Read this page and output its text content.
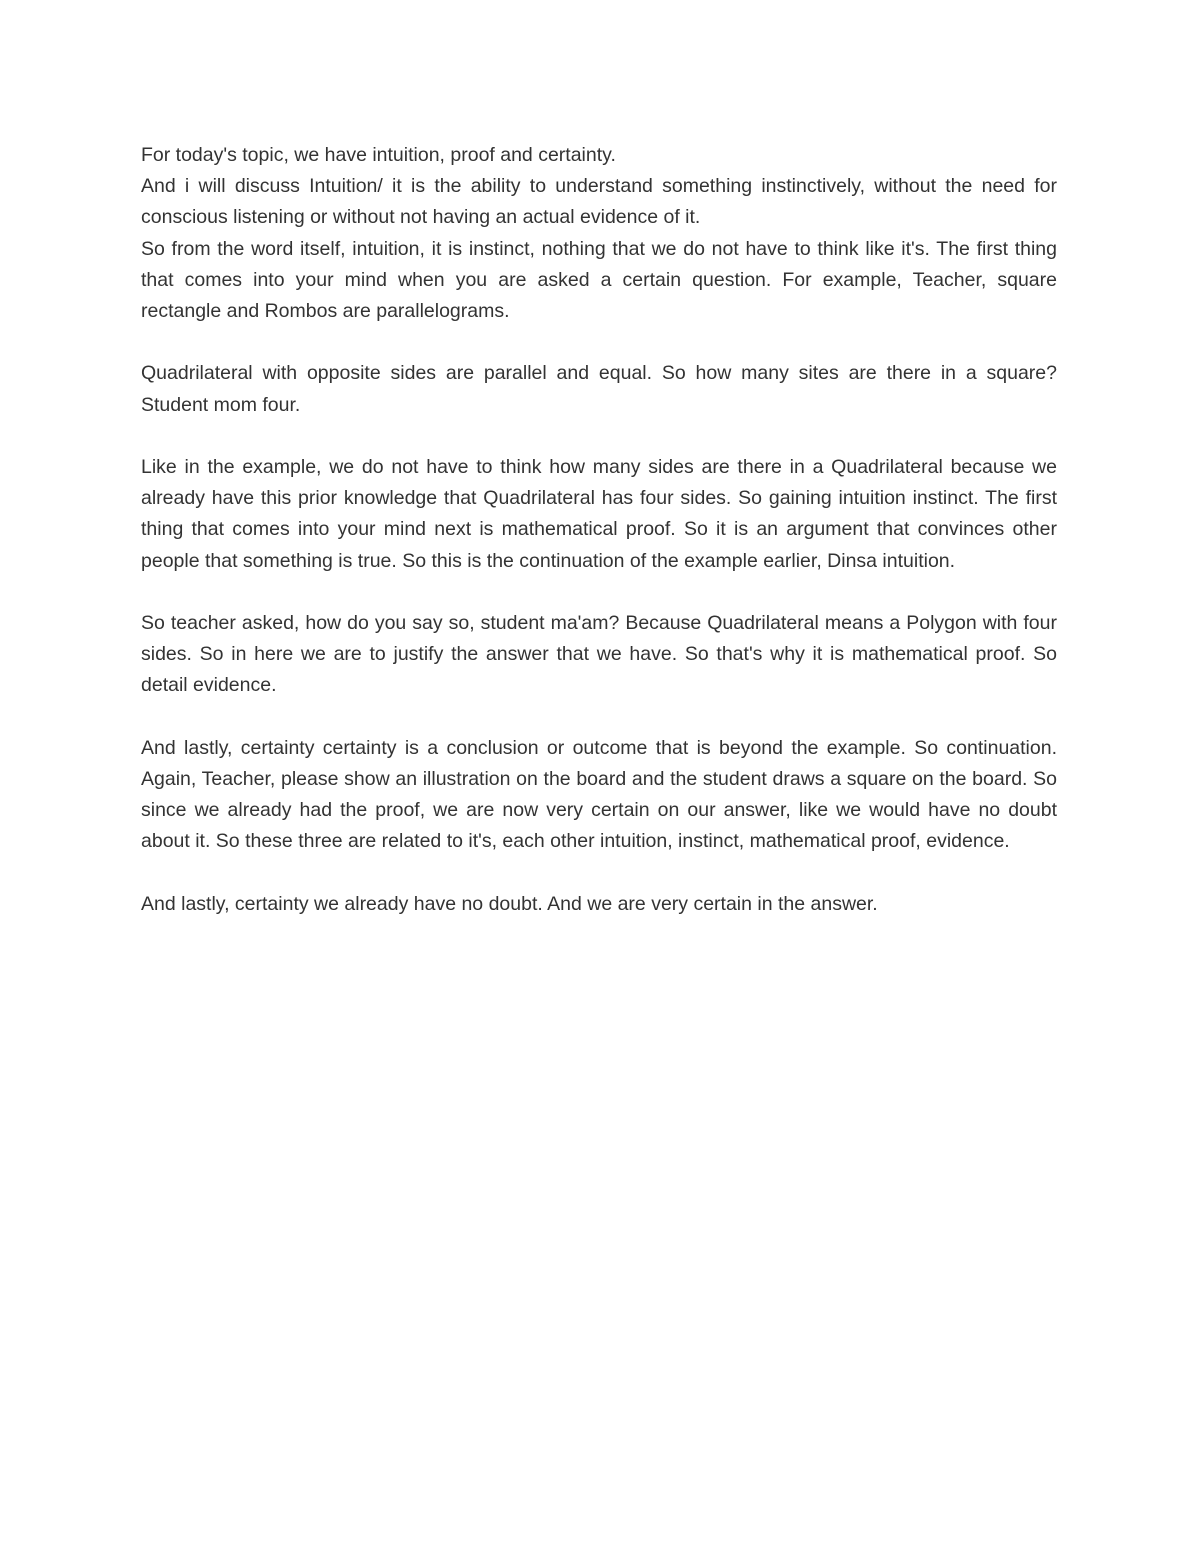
For today's topic, we have intuition, proof and certainty.

And i will discuss Intuition/ it is the ability to understand something instinctively, without the need for conscious listening or without not having an actual evidence of it.

So from the word itself, intuition, it is instinct, nothing that we do not have to think like it's. The first thing that comes into your mind when you are asked a certain question. For example, Teacher, square rectangle and Rombos are parallelograms.

Quadrilateral with opposite sides are parallel and equal. So how many sites are there in a square? Student mom four.

Like in the example, we do not have to think how many sides are there in a Quadrilateral because we already have this prior knowledge that Quadrilateral has four sides. So gaining intuition instinct. The first thing that comes into your mind next is mathematical proof. So it is an argument that convinces other people that something is true. So this is the continuation of the example earlier, Dinsa intuition.

So teacher asked, how do you say so, student ma'am? Because Quadrilateral means a Polygon with four sides. So in here we are to justify the answer that we have. So that's why it is mathematical proof. So detail evidence.

And lastly, certainty certainty is a conclusion or outcome that is beyond the example. So continuation. Again, Teacher, please show an illustration on the board and the student draws a square on the board. So since we already had the proof, we are now very certain on our answer, like we would have no doubt about it. So these three are related to it's, each other intuition, instinct, mathematical proof, evidence.

And lastly, certainty we already have no doubt. And we are very certain in the answer.
